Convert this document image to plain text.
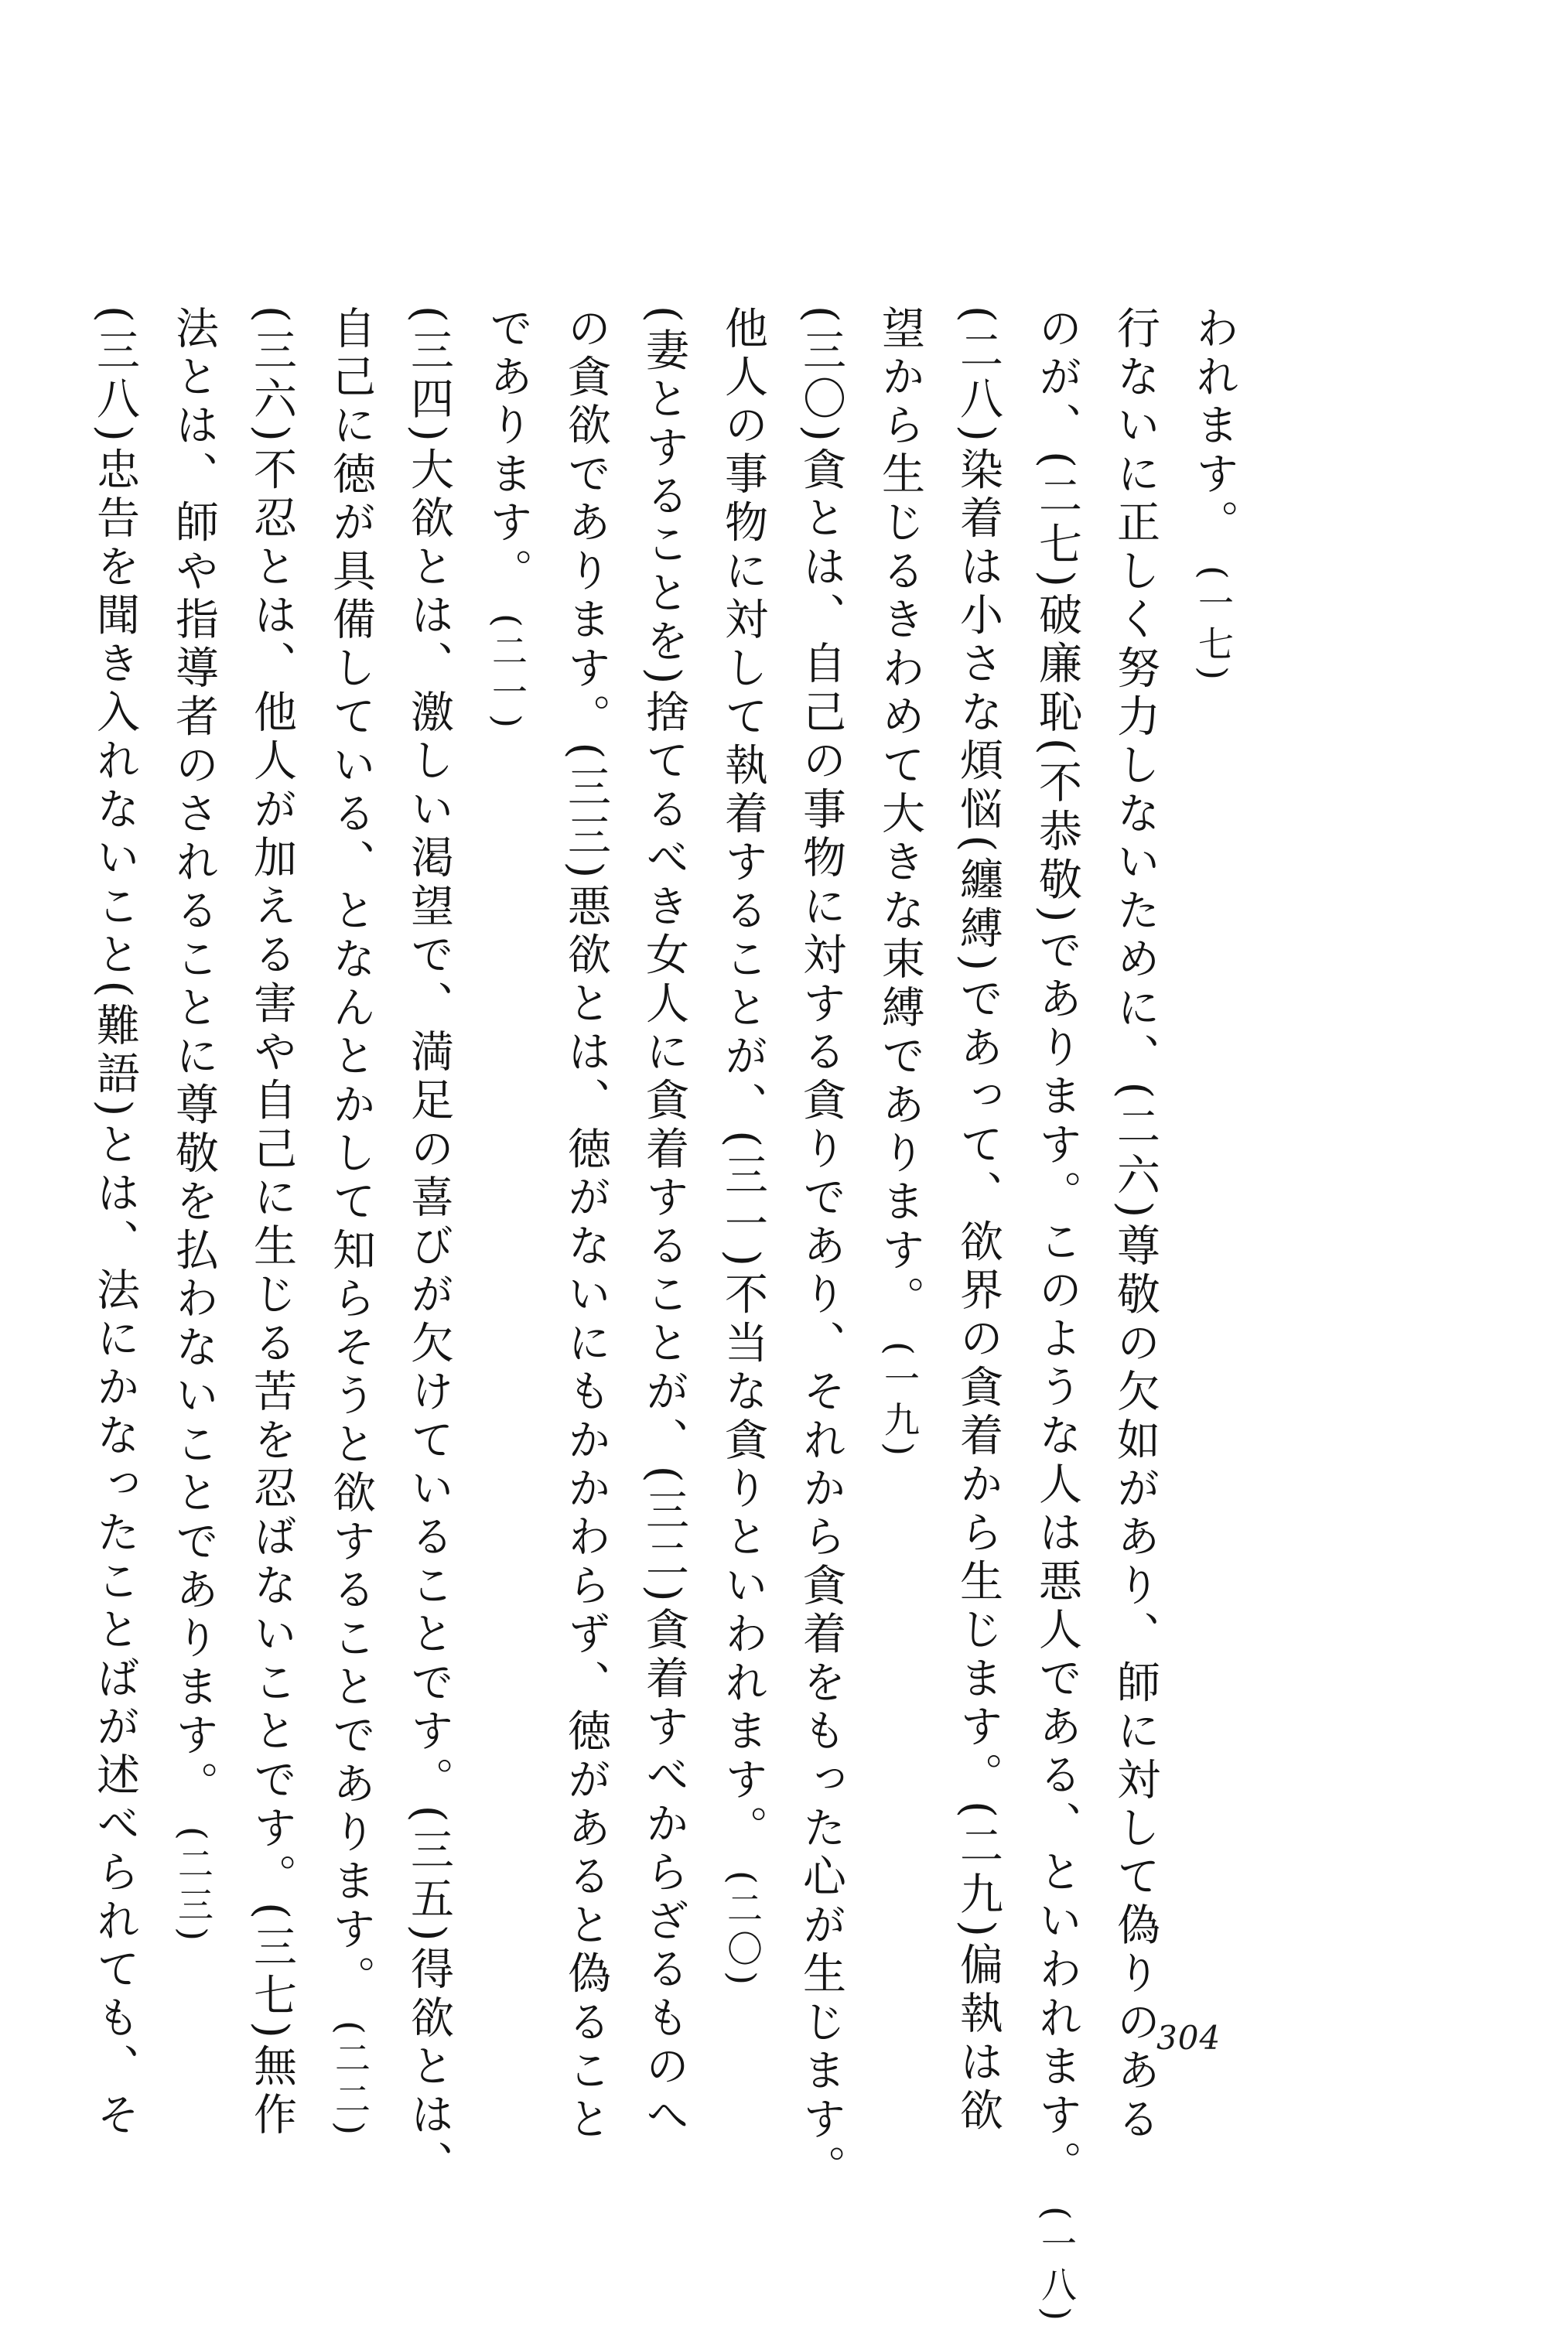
われます。(一七)
行ないに正しく努力しないために、(二六)尊敬の欠如があり、師に対して偽りのある
のが、(二七)破廉恥(不恭敬)であります。このような人は悪人である、といわれます。(一八)
(二八)染着は小さな煩悩(纏縛)であって、欲界の貪着から生じます。(二九)偏執は欲
望から生じるきわめて大きな束縛であります。(一九)
(三〇)貪とは、自己の事物に対する貪りであり、それから貪着をもった心が生じます。
他人の事物に対して執着することが、(三一)不当な貪りといわれます。(二〇)
(妻とすることを)捨てるべき女人に貪着することが、(三二)貪着すべからざるものへ
の貪欲であります。(三三)悪欲とは、徳がないにもかかわらず、徳があると偽ること
であります。(二一)
(三四)大欲とは、激しい渇望で、満足の喜びが欠けていることです。(三五)得欲とは、
自己に徳が具備している、となんとかして知らそうと欲することであります。(二二)
(三六)不忍とは、他人が加える害や自己に生じる苦を忍ばないことです。(三七)無作
法とは、師や指導者のされることに尊敬を払わないことであります。(二三)
(三八)忠告を聞き入れないこと(難語)とは、法にかなったことばが述べられても、そ	304
